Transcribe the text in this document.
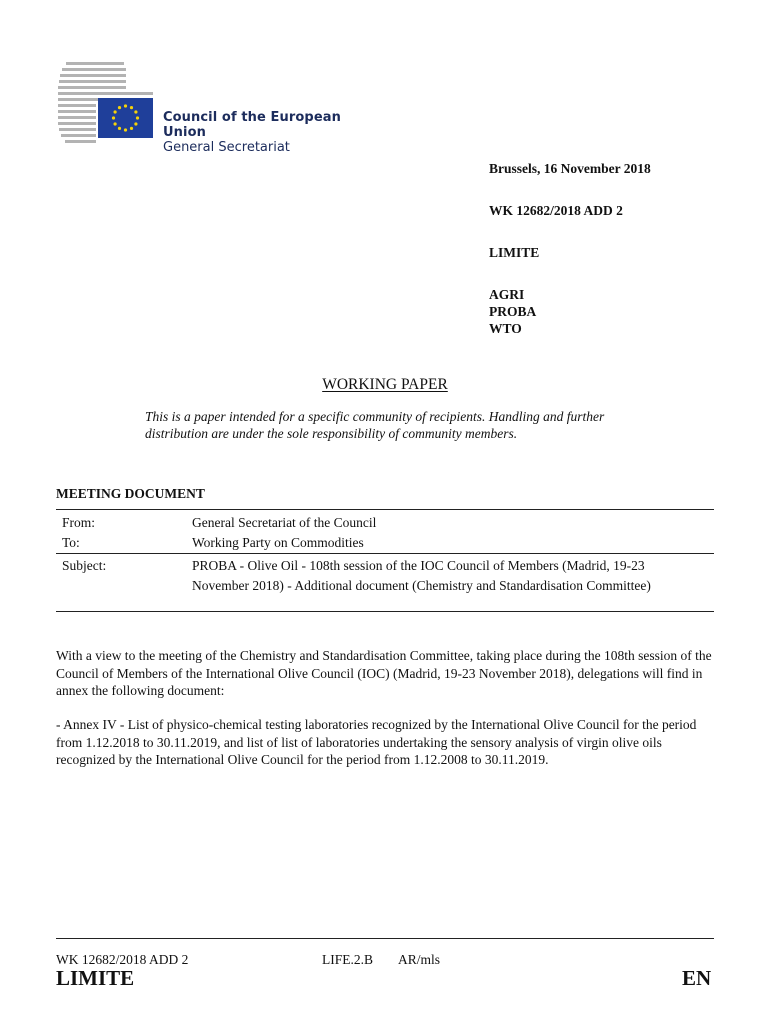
Council of the European Union
General Secretariat
Brussels, 16 November 2018
WK 12682/2018 ADD 2
LIMITE
AGRI
PROBA
WTO
WORKING PAPER
This is a paper intended for a specific community of recipients. Handling and further distribution are under the sole responsibility of community members.
MEETING DOCUMENT
From:	General Secretariat of the Council
To:	Working Party on Commodities
Subject:	PROBA - Olive Oil - 108th session of the IOC Council of Members (Madrid, 19-23 November 2018) - Additional document (Chemistry and Standardisation Committee)
With a view to the meeting of the Chemistry and Standardisation Committee, taking place during the 108th session of the Council of Members of the International Olive Council (IOC) (Madrid, 19-23 November 2018), delegations will find in annex the following document:
- Annex IV - List of physico-chemical testing laboratories recognized by the International Olive Council for the period from 1.12.2018 to 30.11.2019, and list of list of laboratories undertaking the sensory analysis of virgin olive oils recognized by the International Olive Council for the period from 1.12.2008 to 30.11.2019.
WK 12682/2018 ADD 2	LIFE.2.B AR/mls
LIMITE	EN
